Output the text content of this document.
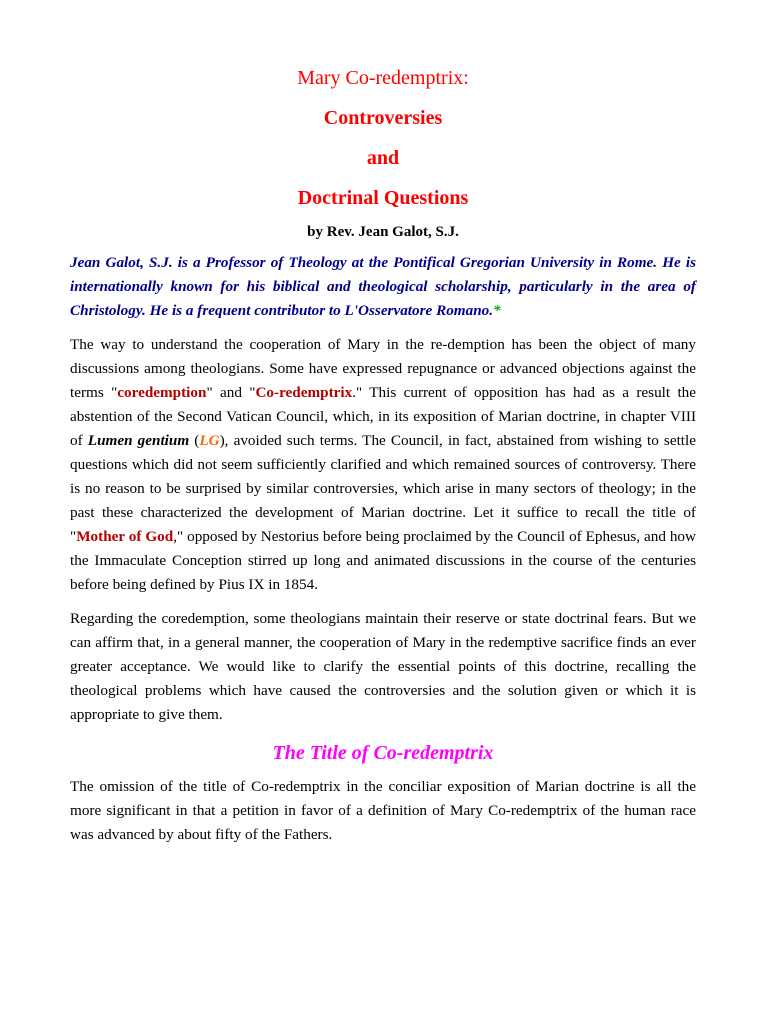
Mary Co-redemptrix:
Controversies
and
Doctrinal Questions
by Rev. Jean Galot, S.J.

Jean Galot, S.J. is a Professor of Theology at the Pontifical Gregorian University in Rome. He is internationally known for his biblical and theological scholarship, particularly in the area of Christology. He is a frequent contributor to L'Osservatore Romano.*

The way to understand the cooperation of Mary in the re-demption has been the object of many discussions among theologians. Some have expressed repugnance or advanced objections against the terms "coredemption" and "Co-redemptrix." This current of opposition has had as a result the abstention of the Second Vatican Council, which, in its exposition of Marian doctrine, in chapter VIII of Lumen gentium (LG), avoided such terms. The Council, in fact, abstained from wishing to settle questions which did not seem sufficiently clarified and which remained sources of controversy. There is no reason to be surprised by similar controversies, which arise in many sectors of theology; in the past these characterized the development of Marian doctrine. Let it suffice to recall the title of "Mother of God," opposed by Nestorius before being proclaimed by the Council of Ephesus, and how the Immaculate Conception stirred up long and animated discussions in the course of the centuries before being defined by Pius IX in 1854.

Regarding the coredemption, some theologians maintain their reserve or state doctrinal fears. But we can affirm that, in a general manner, the cooperation of Mary in the redemptive sacrifice finds an ever greater acceptance. We would like to clarify the essential points of this doctrine, recalling the theological problems which have caused the controversies and the solution given or which it is appropriate to give them.

The Title of Co-redemptrix

The omission of the title of Co-redemptrix in the conciliar exposition of Marian doctrine is all the more significant in that a petition in favor of a definition of Mary Co-redemptrix of the human race was advanced by about fifty of the Fathers.
